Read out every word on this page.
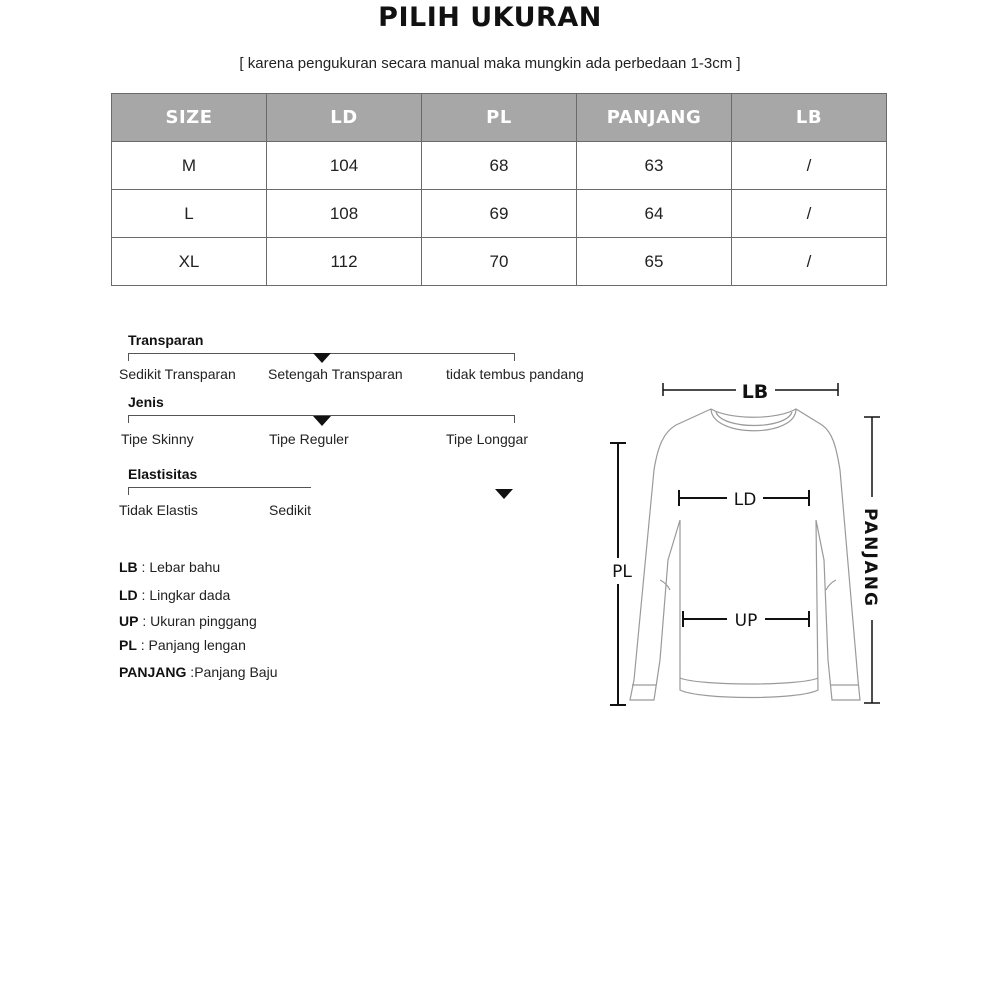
PILIH UKURAN
[ karena pengukuran secara manual maka mungkin ada perbedaan 1-3cm ]
SIZE	LD	PL	PANJANG	LB
M	104	68	63	/
L	108	69	64	/
XL	112	70	65	/
Transparan
Sedikit Transparan Setengah Transparan	tidak tembus pandang
Jenis
Tipe Skinny	Tipe Reguler	Tipe Longgar
Elastisitas
Tidak Elastis	Sedikit
LB : Lebar bahu
LD : Lingkar dada
UP : Ukuran pinggang
PL : Panjang lengan
PANJANG :Panjang Baju
LB
LD
UP
PL	PANJANG
